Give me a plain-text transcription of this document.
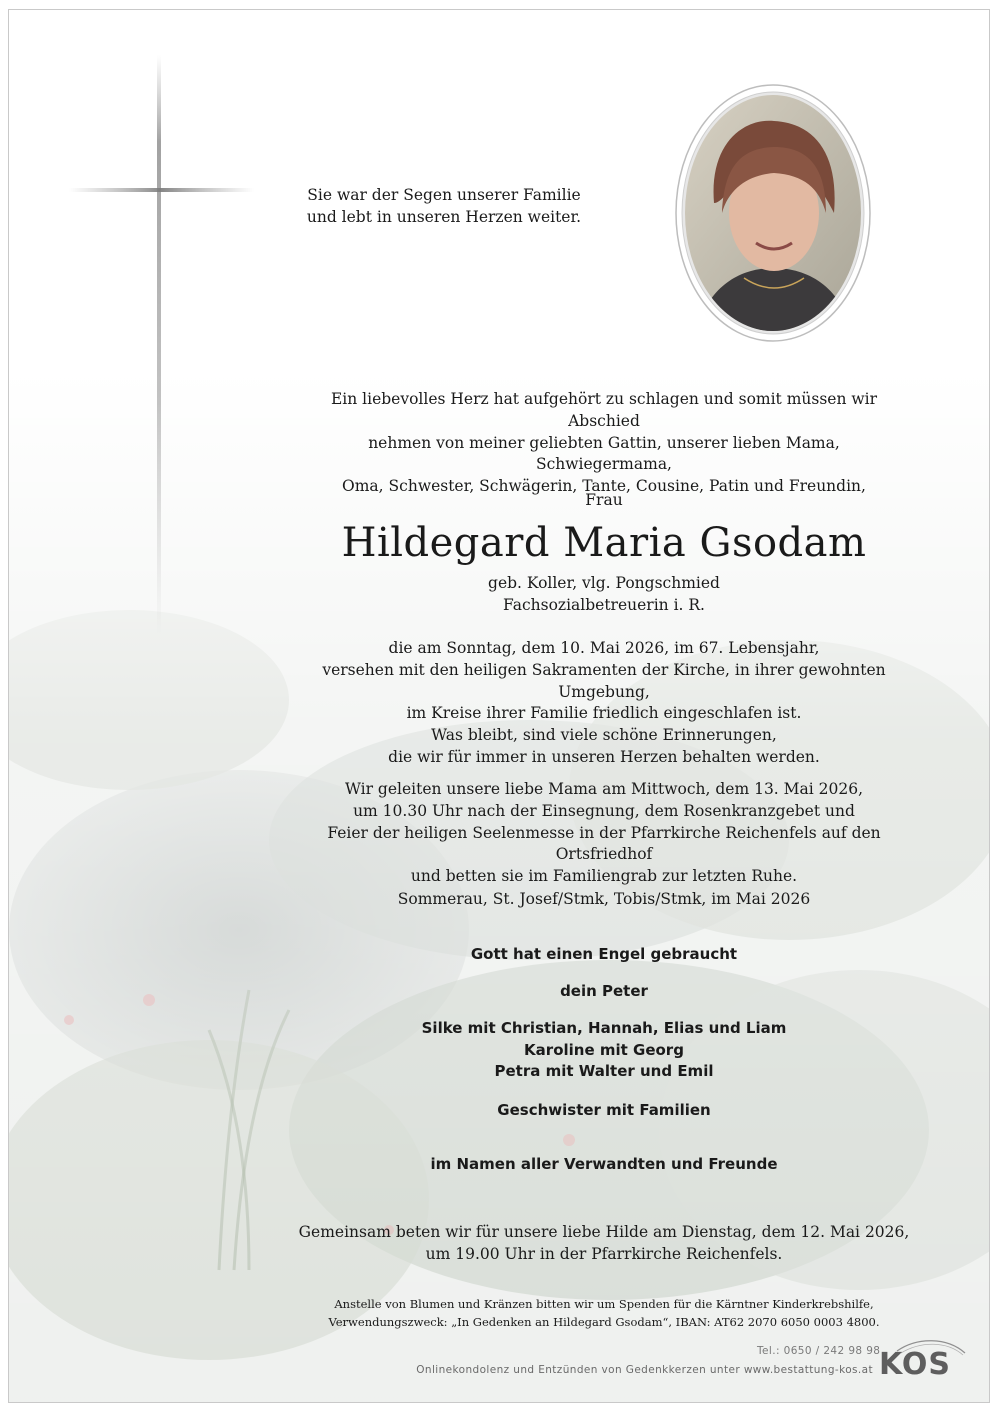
Sie war der Segen unserer Familie
und lebt in unseren Herzen weiter.
Ein liebevolles Herz hat aufgehört zu schlagen und somit müssen wir Abschied
nehmen von meiner geliebten Gattin, unserer lieben Mama, Schwiegermama,
Oma, Schwester, Schwägerin, Tante, Cousine, Patin und Freundin,
Frau
Hildegard Maria Gsodam
geb. Koller, vlg. Pongschmied
Fachsozialbetreuerin i. R.
die am Sonntag, dem 10. Mai 2026, im 67. Lebensjahr,
versehen mit den heiligen Sakramenten der Kirche, in ihrer gewohnten Umgebung,
im Kreise ihrer Familie friedlich eingeschlafen ist.
Was bleibt, sind viele schöne Erinnerungen,
die wir für immer in unseren Herzen behalten werden.
Wir geleiten unsere liebe Mama am Mittwoch, dem 13. Mai 2026,
um 10.30 Uhr nach der Einsegnung, dem Rosenkranzgebet und
Feier der heiligen Seelenmesse in der Pfarrkirche Reichenfels auf den Ortsfriedhof
und betten sie im Familiengrab zur letzten Ruhe.
Sommerau, St. Josef/Stmk, Tobis/Stmk, im Mai 2026
Gott hat einen Engel gebraucht
dein Peter
Silke mit Christian, Hannah, Elias und Liam
Karoline mit Georg
Petra mit Walter und Emil
Geschwister mit Familien
im Namen aller Verwandten und Freunde
Gemeinsam beten wir für unsere liebe Hilde am Dienstag, dem 12. Mai 2026,
um 19.00 Uhr in der Pfarrkirche Reichenfels.
Anstelle von Blumen und Kränzen bitten wir um Spenden für die Kärntner Kinderkrebshilfe,
Verwendungszweck: „In Gedenken an Hildegard Gsodam“, IBAN: AT62 2070 6050 0003 4800.
Tel.: 0650 / 242 98 98
Onlinekondolenz und Entzünden von Gedenkkerzen unter www.bestattung-kos.at KOS
